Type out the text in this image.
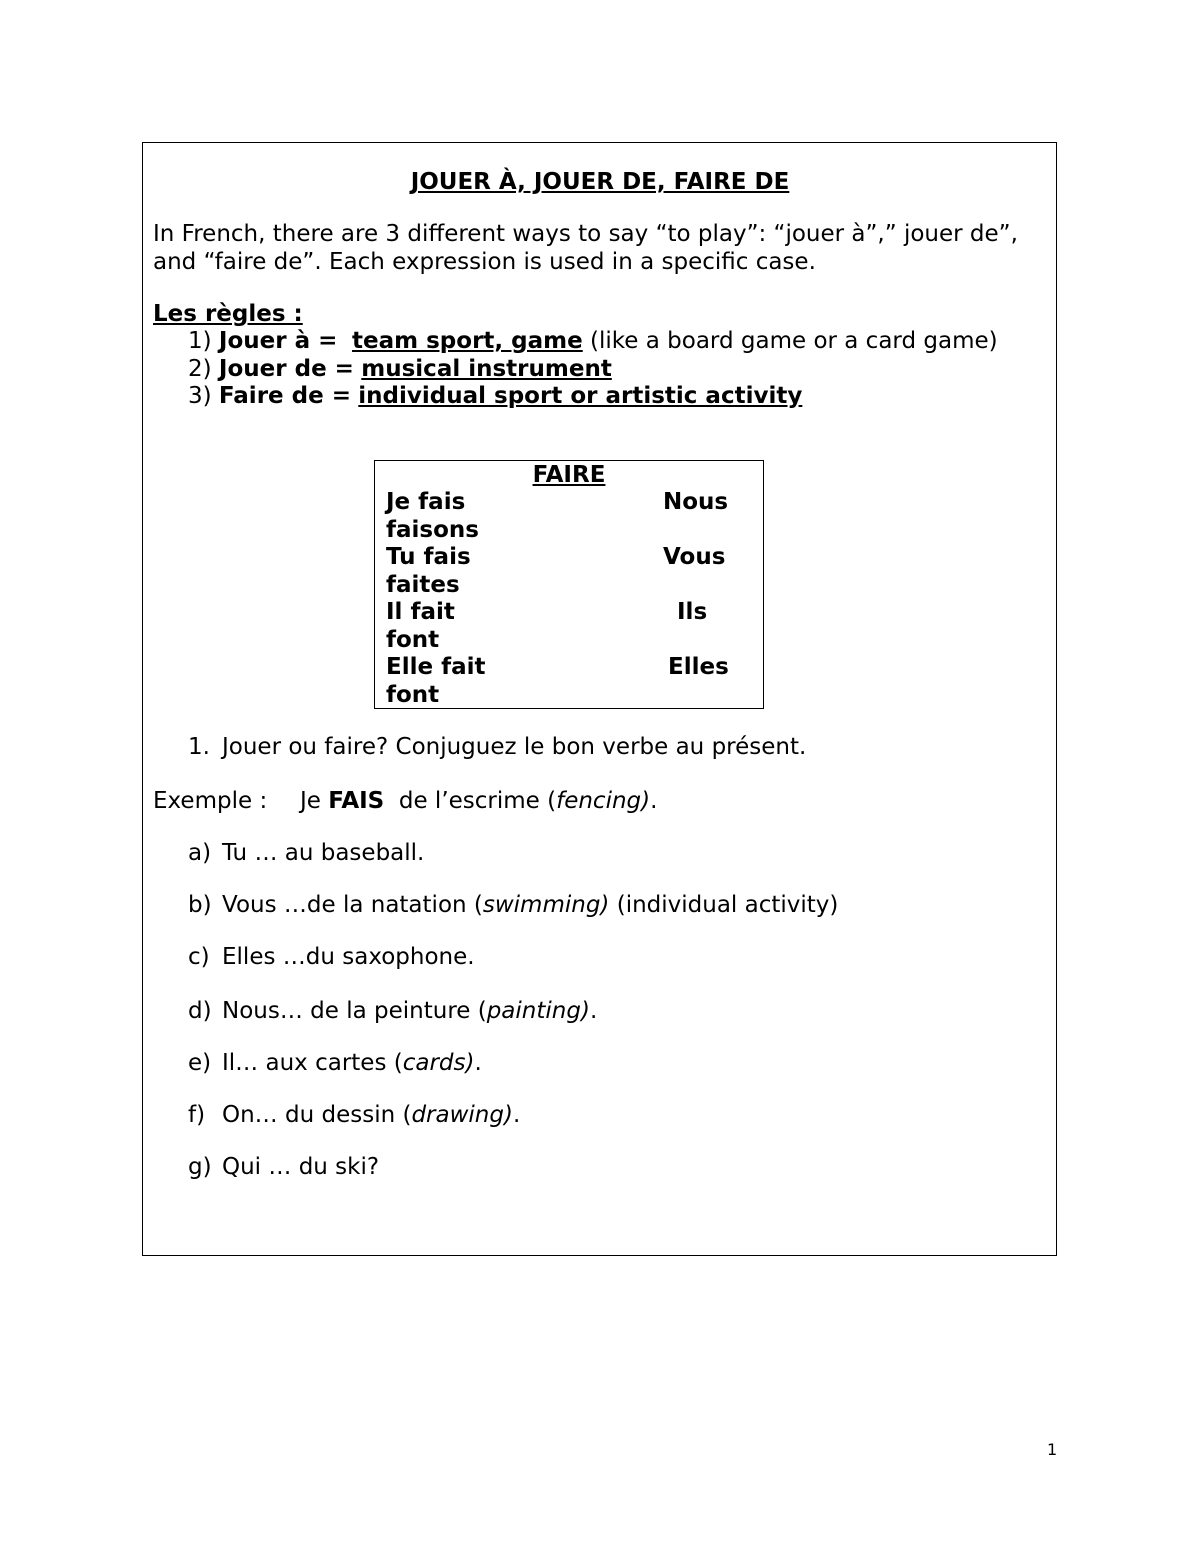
JOUER À, JOUER DE, FAIRE DE
In French, there are 3 different ways to say “to play”: “jouer à”,” jouer de”,
and “faire de”. Each expression is used in a specific case.
Les règles :
1) Jouer à = team sport, game (like a board game or a card game)
2) Jouer de = musical instrument
3) Faire de = individual sport or artistic activity
FAIRE
Je fais	Nous
faisons
Tu fais	Vous
faites
Il fait	Ils
font
Elle fait	Elles
font
1. Jouer ou faire? Conjuguez le bon verbe au présent.
Exemple : Je FAIS de l’escrime (fencing).
a) Tu … au baseball.
b) Vous …de la natation (swimming) (individual activity)
c) Elles …du saxophone.
d) Nous… de la peinture (painting).
e) Il… aux cartes (cards).
f) On… du dessin (drawing).
g) Qui … du ski?
1
